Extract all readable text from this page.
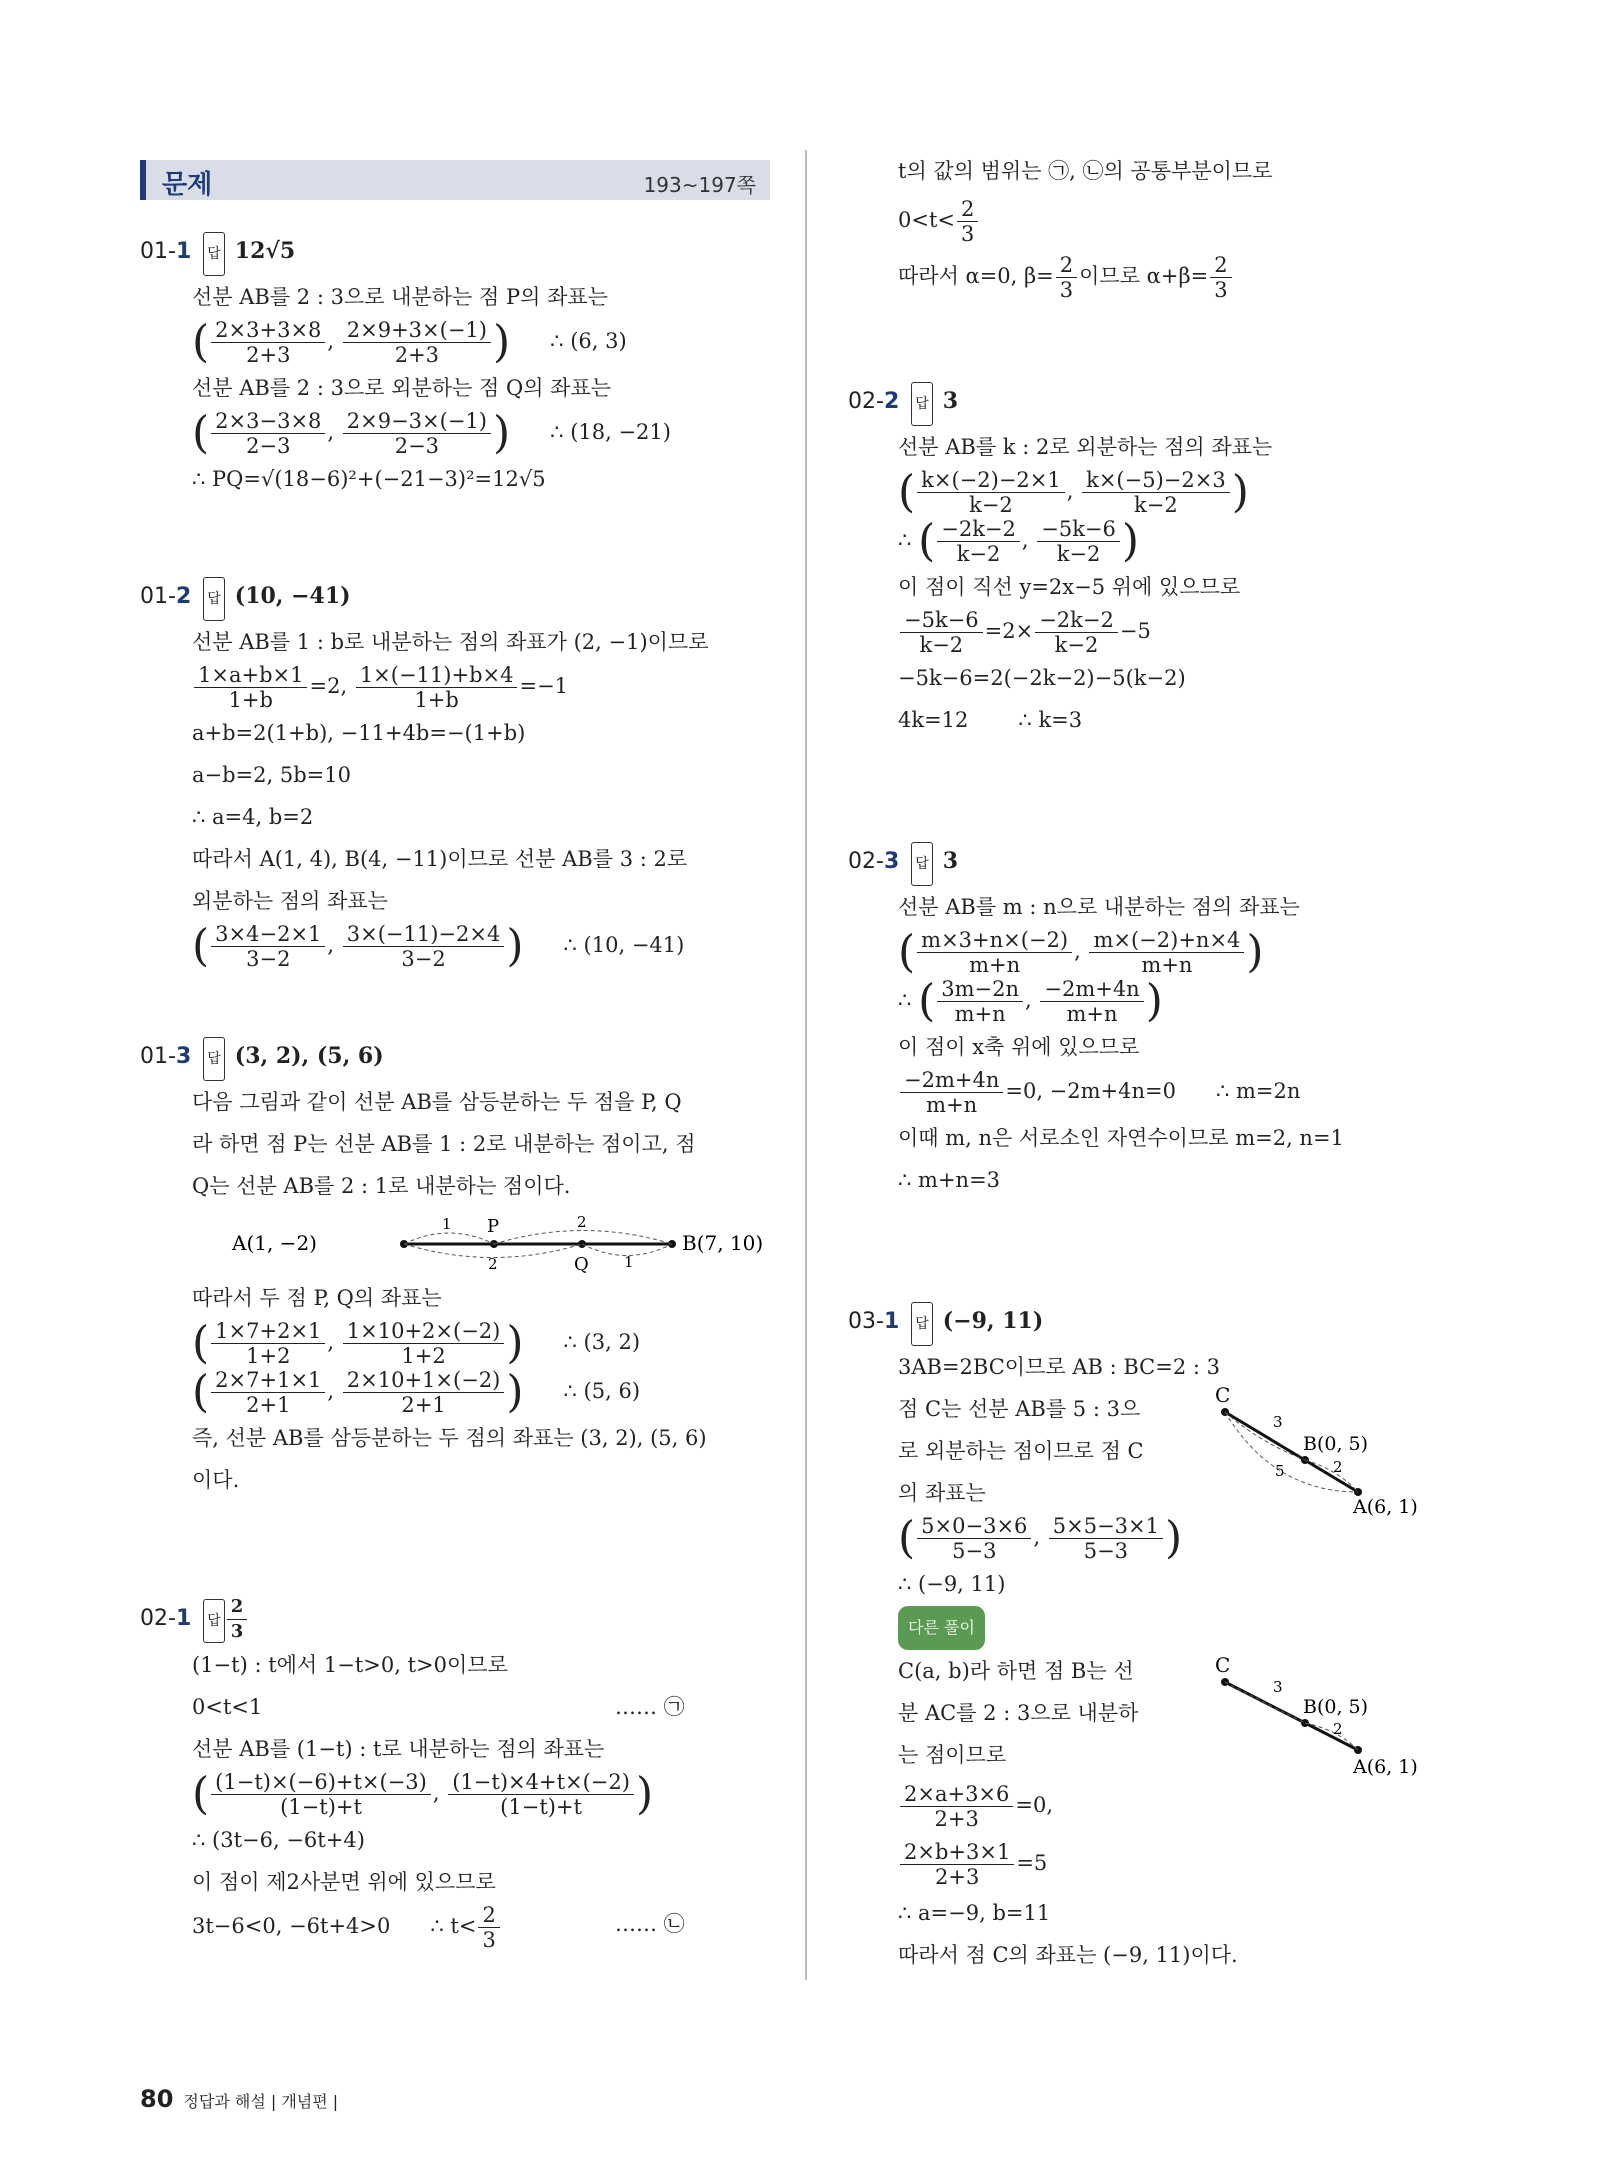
문제	193~197쪽
01-1 답 12√5
선분 AB를 2 : 3으로 내분하는 점 P의 좌표는
( $\frac{2\times 3+3\times 8}{2+3}$ , $\frac{2\times 9+3\times(-1)}{2+3}$ ) ∴ (6, 3)
선분 AB를 2 : 3으로 외분하는 점 Q의 좌표는
( $\frac{2\times 3-3\times 8}{2-3}$ , $\frac{2\times 9-3\times(-1)}{2-3}$ ) ∴ (18, −21)
∴ PQ=√(18−6)²+(−21−3)²=12√5
01-2 답 (10, −41)
선분 AB를 1 : b로 내분하는 점의 좌표가 (2, −1)이므로
$\frac{1\times a+b\times 1}{1+b} =2$, $\frac{1\times(-11)+b\times 4}{1+b} =-1$
a+b=2(1+b), −11+4b=−(1+b)
a−b=2, 5b=10
∴ a=4, b=2
따라서 A(1, 4), B(4, −11)이므로 선분 AB를 3 : 2로
외분하는 점의 좌표는
( $\frac{3\times 4-2\times 1}{3-2}$ , $\frac{3\times(-11)-2\times 4}{3-2}$ ) ∴ (10, −41)
01-3 답 (3, 2), (5, 6)
다음 그림과 같이 선분 AB를 삼등분하는 두 점을 P, Q
라 하면 점 P는 선분 AB를 1 : 2로 내분하는 점이고, 점
Q는 선분 AB를 2 : 1로 내분하는 점이다.
A(1, −2)	B(7, 10)
P
Q
1	2
2	1
따라서 두 점 P, Q의 좌표는
( $\frac{1\times 7+2\times 1}{1+2}$ , $\frac{1\times 10+2\times(-2)}{1+2}$ ) ∴ (3, 2)
( $\frac{2\times 7+1\times 1}{2+1}$ , $\frac{2\times 10+1\times(-2)}{2+1}$ ) ∴ (5, 6)
즉, 선분 AB를 삼등분하는 두 점의 좌표는 (3, 2), (5, 6)
이다.
02-1 답 $\frac{2}{3}$
(1−t) : t에서 1−t>0, t>0이므로
0<t<1	…… ㉠
선분 AB를 (1−t) : t로 내분하는 점의 좌표는
( $\frac{(1-t)\times(-6)+t\times(-3)}{(1-t)+t}$ , $\frac{(1-t)\times 4+t\times(-2)}{(1-t)+t}$ )
∴ (3t−6, −6t+4)
이 점이 제2사분면 위에 있으므로
3t−6<0, −6t+4>0 ∴ $t< \frac{2}{3}$	…… ㉡
t의 값의 범위는 ㉠, ㉡의 공통부분이므로
$0<t< \frac{2}{3}$
따라서 α=0, $\beta= \frac{2}{3}$ 이므로 $\alpha+\beta= \frac{2}{3}$
02-2 답 3
선분 AB를 k : 2로 외분하는 점의 좌표는
( $\frac{k\times(-2)-2\times 1}{k-2}$ , $\frac{k\times(-5)-2\times 3}{k-2}$ )
∴ ( $\frac{-2k-2}{k-2}$ , $\frac{-5k-6}{k-2}$ )
이 점이 직선 y=2x−5 위에 있으므로
$\frac{-5k-6}{k-2} =2\times \frac{-2k-2}{k-2} -5$
−5k−6=2(−2k−2)−5(k−2)
4k=12 ∴ k=3
02-3 답 3
선분 AB를 m : n으로 내분하는 점의 좌표는
( $\frac{m\times 3+n\times(-2)}{m+n}$ , $\frac{m\times(-2)+n\times 4}{m+n}$ )
∴ ( $\frac{3m-2n}{m+n}$ , $\frac{-2m+4n}{m+n}$ )
이 점이 x축 위에 있으므로
$\frac{-2m+4n}{m+n} =0$, −2m+4n=0 ∴ m=2n
이때 m, n은 서로소인 자연수이므로 m=2, n=1
∴ m+n=3
03-1 답 (−9, 11)
3AB=2BC이므로 AB : BC=2 : 3
점 C는 선분 AB를 5 : 3으
로 외분하는 점이므로 점 C
의 좌표는
( $\frac{5\times 0-3\times 6}{5-3}$ , $\frac{5\times 5-3\times 1}{5-3}$ )
∴ (−9, 11)
다른 풀이
C(a, b)라 하면 점 B는 선
분 AC를 2 : 3으로 내분하
는 점이므로
$\frac{2\times a+3\times 6}{2+3} =0$,
$\frac{2\times b+3\times 1}{2+3} =5$
∴ a=−9, b=11
따라서 점 C의 좌표는 (−9, 11)이다.
C
B(0, 5)
A(6, 1)
3
2
5
C
B(0, 5)
A(6, 1)
3
2
80 정답과 해설 | 개념편 |
